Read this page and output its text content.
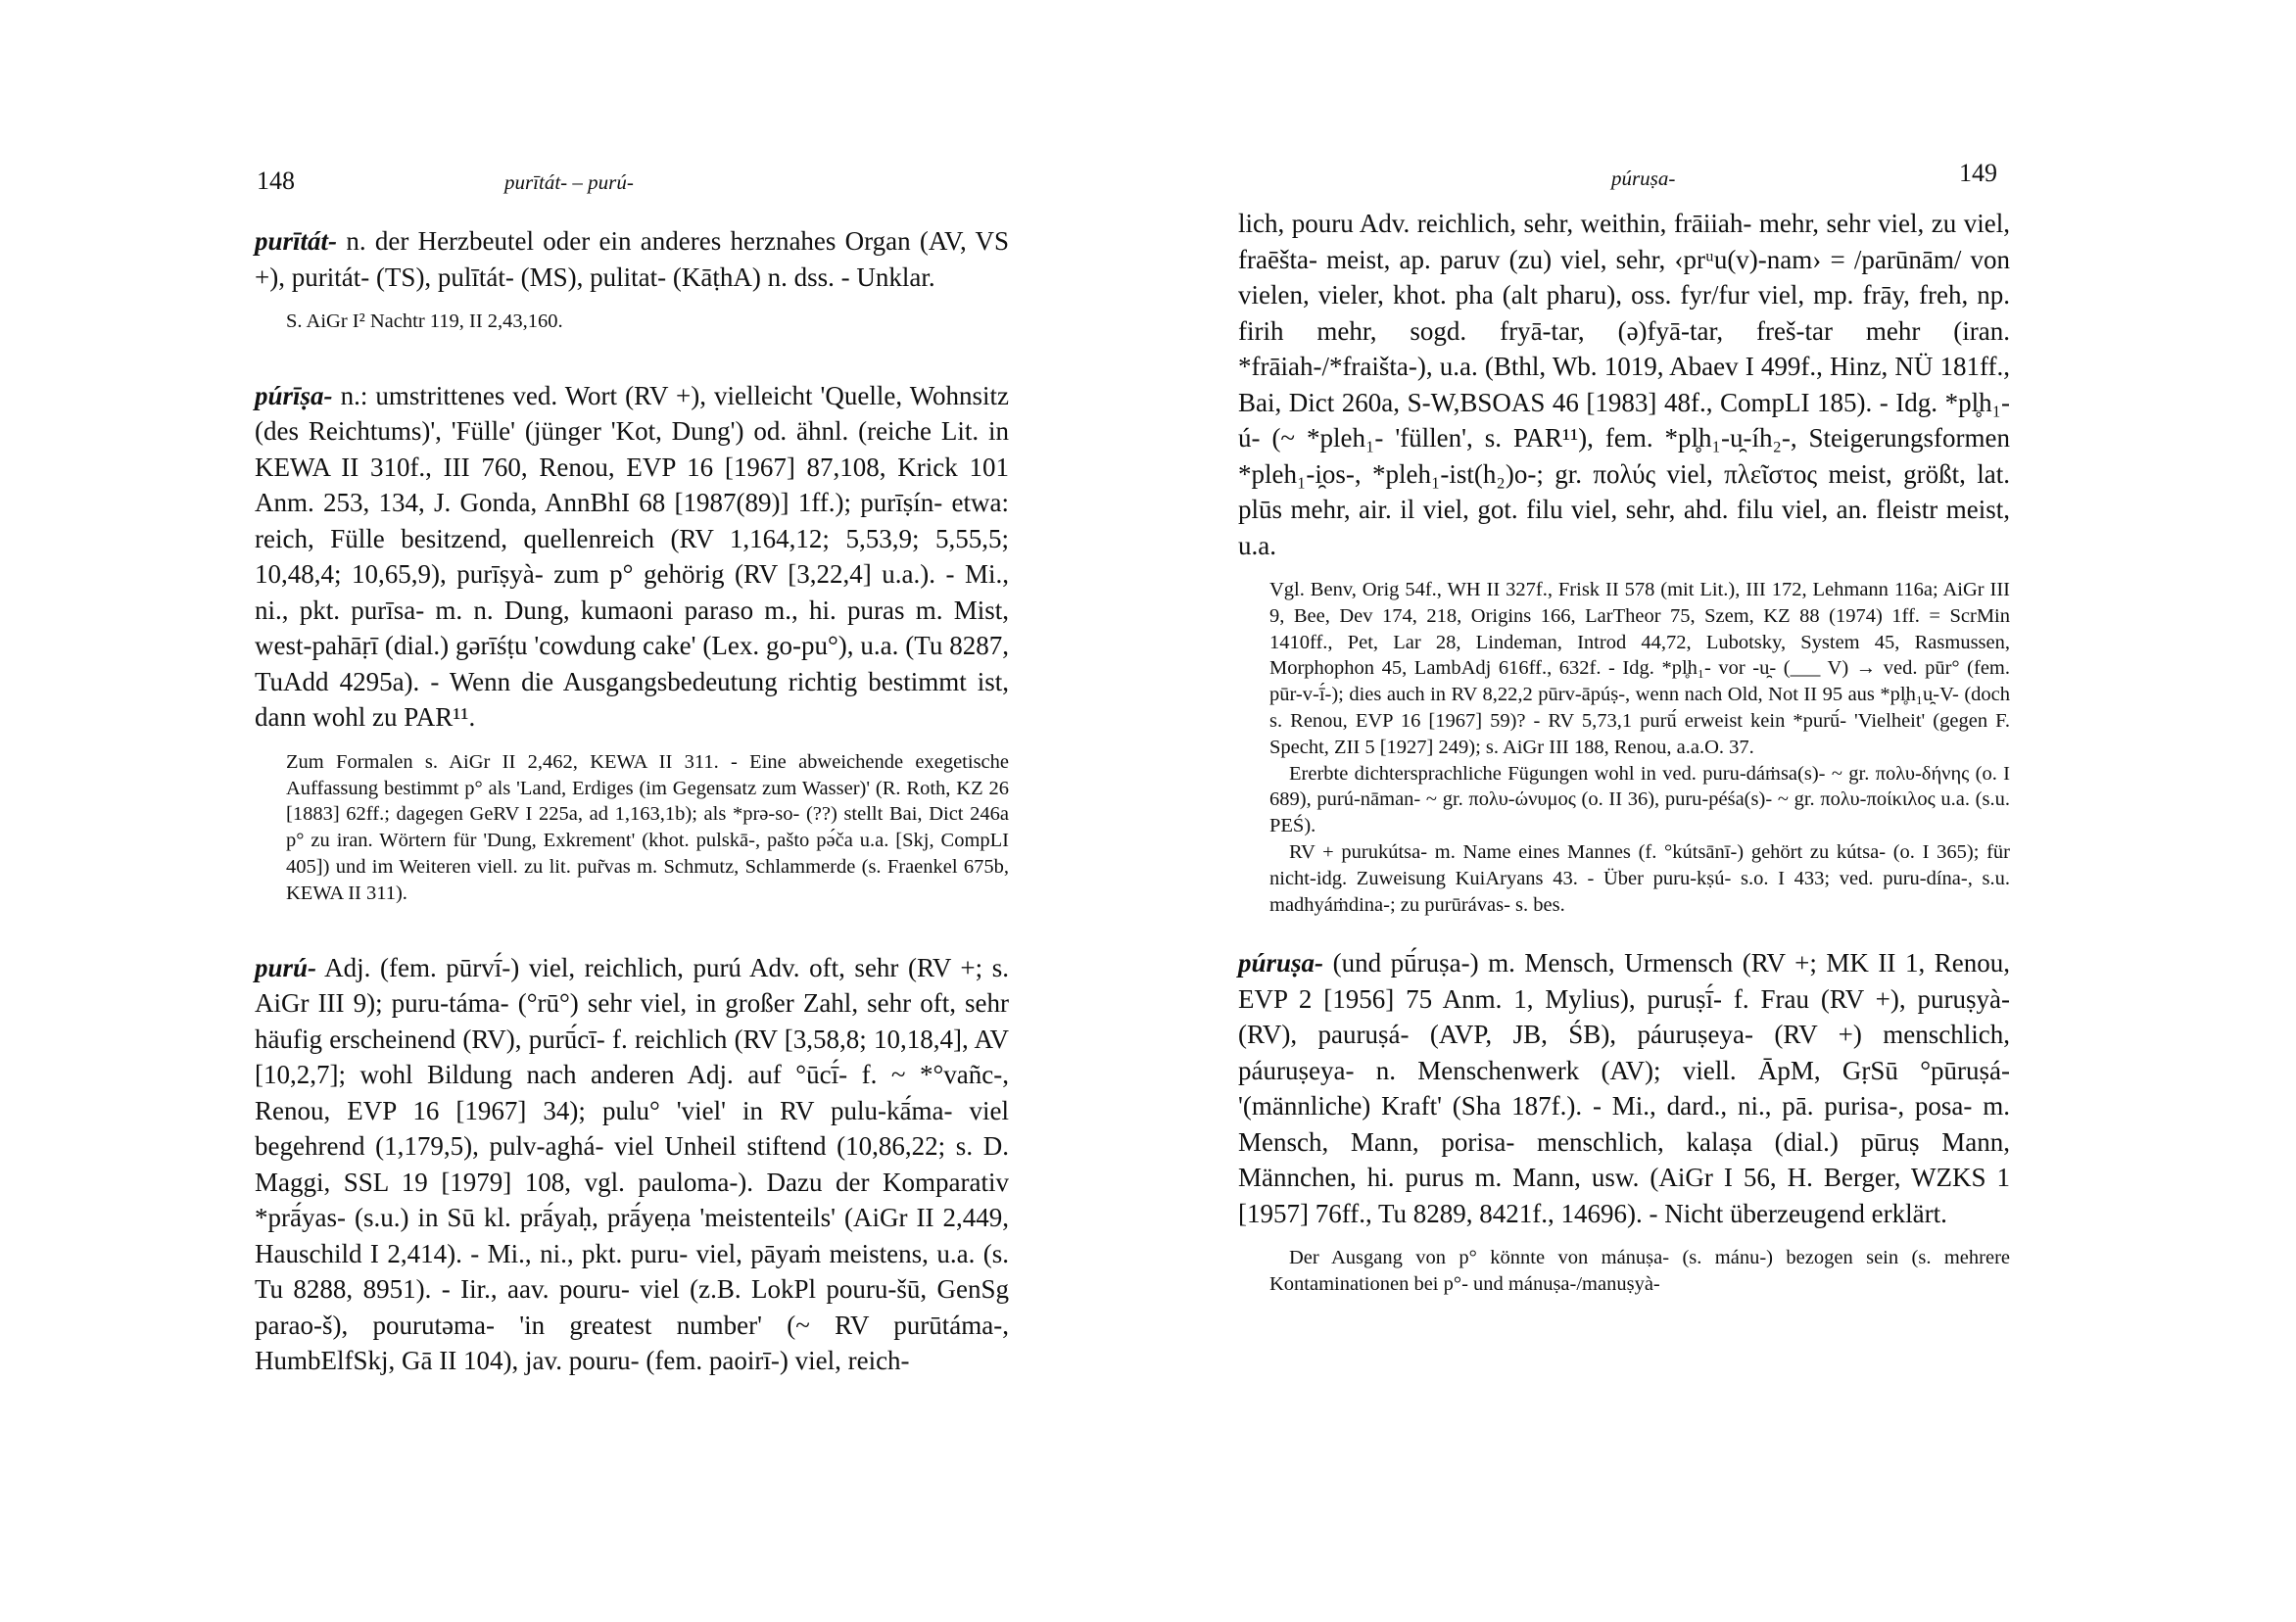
148	purītát- – purú-

purītát- n. der Herzbeutel oder ein anderes herznahes Organ (AV, VS +), puritát- (TS), pulītát- (MS), pulitat- (KāṭhA) n. dss. - Unklar.

S. AiGr I² Nachtr 119, II 2,43,160.

púrīṣa- n.: umstrittenes ved. Wort (RV +), vielleicht 'Quelle, Wohnsitz (des Reichtums)', 'Fülle' (jünger 'Kot, Dung') od. ähnl. (reiche Lit. in KEWA II 310f., III 760, Renou, EVP 16 [1967] 87,108, Krick 101 Anm. 253, 134, J. Gonda, AnnBhI 68 [1987(89)] 1ff.); purīṣín- etwa: reich, Fülle besitzend, quellenreich (RV 1,164,12; 5,53,9; 5,55,5; 10,48,4; 10,65,9), purīṣyà- zum p° gehörig (RV [3,22,4] u.a.). - Mi., ni., pkt. purīsa- m. n. Dung, kumaoni paraso m., hi. puras m. Mist, west-pahāṛī (dial.) gərīśṭu 'cowdung cake' (Lex. go-pu°), u.a. (Tu 8287, TuAdd 4295a). - Wenn die Ausgangsbedeutung richtig bestimmt ist, dann wohl zu PAR¹¹.

Zum Formalen s. AiGr II 2,462, KEWA II 311. - Eine abweichende exegetische Auffassung bestimmt p° als 'Land, Erdiges (im Gegensatz zum Wasser)' (R. Roth, KZ 26 [1883] 62ff.; dagegen GeRV I 225a, ad 1,163,1b); als *prə-so- (??) stellt Bai, Dict 246a p° zu iran. Wörtern für 'Dung, Exkrement' (khot. pulskā-, pašto pə́ča u.a. [Skj, CompLI 405]) und im Weiteren viell. zu lit. pur̃vas m. Schmutz, Schlammerde (s. Fraenkel 675b, KEWA II 311).

purú- Adj. (fem. pūrvī́-) viel, reichlich, purú Adv. oft, sehr (RV +; s. AiGr III 9); puru-táma- (°rū°) sehr viel, in großer Zahl, sehr oft, sehr häufig erscheinend (RV), purū́cī- f. reichlich (RV [3,58,8; 10,18,4], AV [10,2,7]; wohl Bildung nach anderen Adj. auf °ūcī́- f. ~ *°vañc-, Renou, EVP 16 [1967] 34); pulu° 'viel' in RV pulu-kā́ma- viel begehrend (1,179,5), pulv-aghá- viel Unheil stiftend (10,86,22; s. D. Maggi, SSL 19 [1979] 108, vgl. pauloma-). Dazu der Komparativ *prā́yas- (s.u.) in Sū kl. prā́yaḥ, prā́yeṇa 'meistenteils' (AiGr II 2,449, Hauschild I 2,414). - Mi., ni., pkt. puru- viel, pāyaṁ meistens, u.a. (s. Tu 8288, 8951). - Iir., aav. pouru- viel (z.B. LokPl pouru-šū, GenSg parao-š), pourutəma- 'in greatest number' (~ RV purūtáma-, HumbElfSkj, Gā II 104), jav. pouru- (fem. paoirī-) viel, reich-

púruṣa-	149

lich, pouru Adv. reichlich, sehr, weithin, frāiiah- mehr, sehr viel, zu viel, fraēšta- meist, ap. paruv (zu) viel, sehr, ‹prᵘu(v)-nam› = /parūnām/ von vielen, vieler, khot. pha (alt pharu), oss. fyr/fur viel, mp. frāy, freh, np. firih mehr, sogd. fryā-tar, (ə)fyā-tar, freš-tar mehr (iran. *frāiah-/*fraišta-), u.a. (Bthl, Wb. 1019, Abaev I 499f., Hinz, NÜ 181ff., Bai, Dict 260a, S-W,BSOAS 46 [1983] 48f., CompLI 185). - Idg. *pl̥h₁-ú- (~ *pleh₁- 'füllen', s. PAR¹¹), fem. *pl̥h₁-u̯-íh₂-, Steigerungsformen *pleh₁-i̯os-, *pleh₁-ist(h₂)o-; gr. πολύς viel, πλεῖστος meist, größt, lat. plūs mehr, air. il viel, got. filu viel, sehr, ahd. filu viel, an. fleistr meist, u.a.

Vgl. Benv, Orig 54f., WH II 327f., Frisk II 578 (mit Lit.), III 172, Lehmann 116a; AiGr III 9, Bee, Dev 174, 218, Origins 166, LarTheor 75, Szem, KZ 88 (1974) 1ff. = ScrMin 1410ff., Pet, Lar 28, Lindeman, Introd 44,72, Lubotsky, System 45, Rasmussen, Morphophon 45, LambAdj 616ff., 632f. - Idg. *pl̥h₁- vor -u̯- (___ V) → ved. pūr° (fem. pūr-v-ī́-); dies auch in RV 8,22,2 pūrv-āpúṣ-, wenn nach Old, Not II 95 aus *pl̥h₁u̯-V- (doch s. Renou, EVP 16 [1967] 59)? - RV 5,73,1 purū́ erweist kein *purū́- 'Vielheit' (gegen F. Specht, ZII 5 [1927] 249); s. AiGr III 188, Renou, a.a.O. 37.

Ererbte dichtersprachliche Fügungen wohl in ved. puru-dáṁsa(s)- ~ gr. πολυ-δήνης (o. I 689), purú-nāman- ~ gr. πολυ-ώνυμος (o. II 36), puru-péśa(s)- ~ gr. πολυ-ποίκιλος u.a. (s.u. PEŚ).

RV + purukútsa- m. Name eines Mannes (f. °kútsānī-) gehört zu kútsa- (o. I 365); für nicht-idg. Zuweisung KuiAryans 43. - Über puru-kṣú- s.o. I 433; ved. puru-dína-, s.u. madhyáṁdina-; zu purūrávas- s. bes.

púruṣa- (und pū́ruṣa-) m. Mensch, Urmensch (RV +; MK II 1, Renou, EVP 2 [1956] 75 Anm. 1, Mylius), puruṣī́- f. Frau (RV +), puruṣyà- (RV), pauruṣá- (AVP, JB, ŚB), páuruṣeya- (RV +) menschlich, páuruṣeya- n. Menschenwerk (AV); viell. ĀpM, GṛSū °pūruṣá- '(männliche) Kraft' (Sha 187f.). - Mi., dard., ni., pā. purisa-, posa- m. Mensch, Mann, porisa- menschlich, kalaṣa (dial.) pūruṣ Mann, Männchen, hi. purus m. Mann, usw. (AiGr I 56, H. Berger, WZKS 1 [1957] 76ff., Tu 8289, 8421f., 14696). - Nicht überzeugend erklärt.

Der Ausgang von p° könnte von mánuṣa- (s. mánu-) bezogen sein (s. mehrere Kontaminationen bei p°- und mánuṣa-/manuṣyà-
